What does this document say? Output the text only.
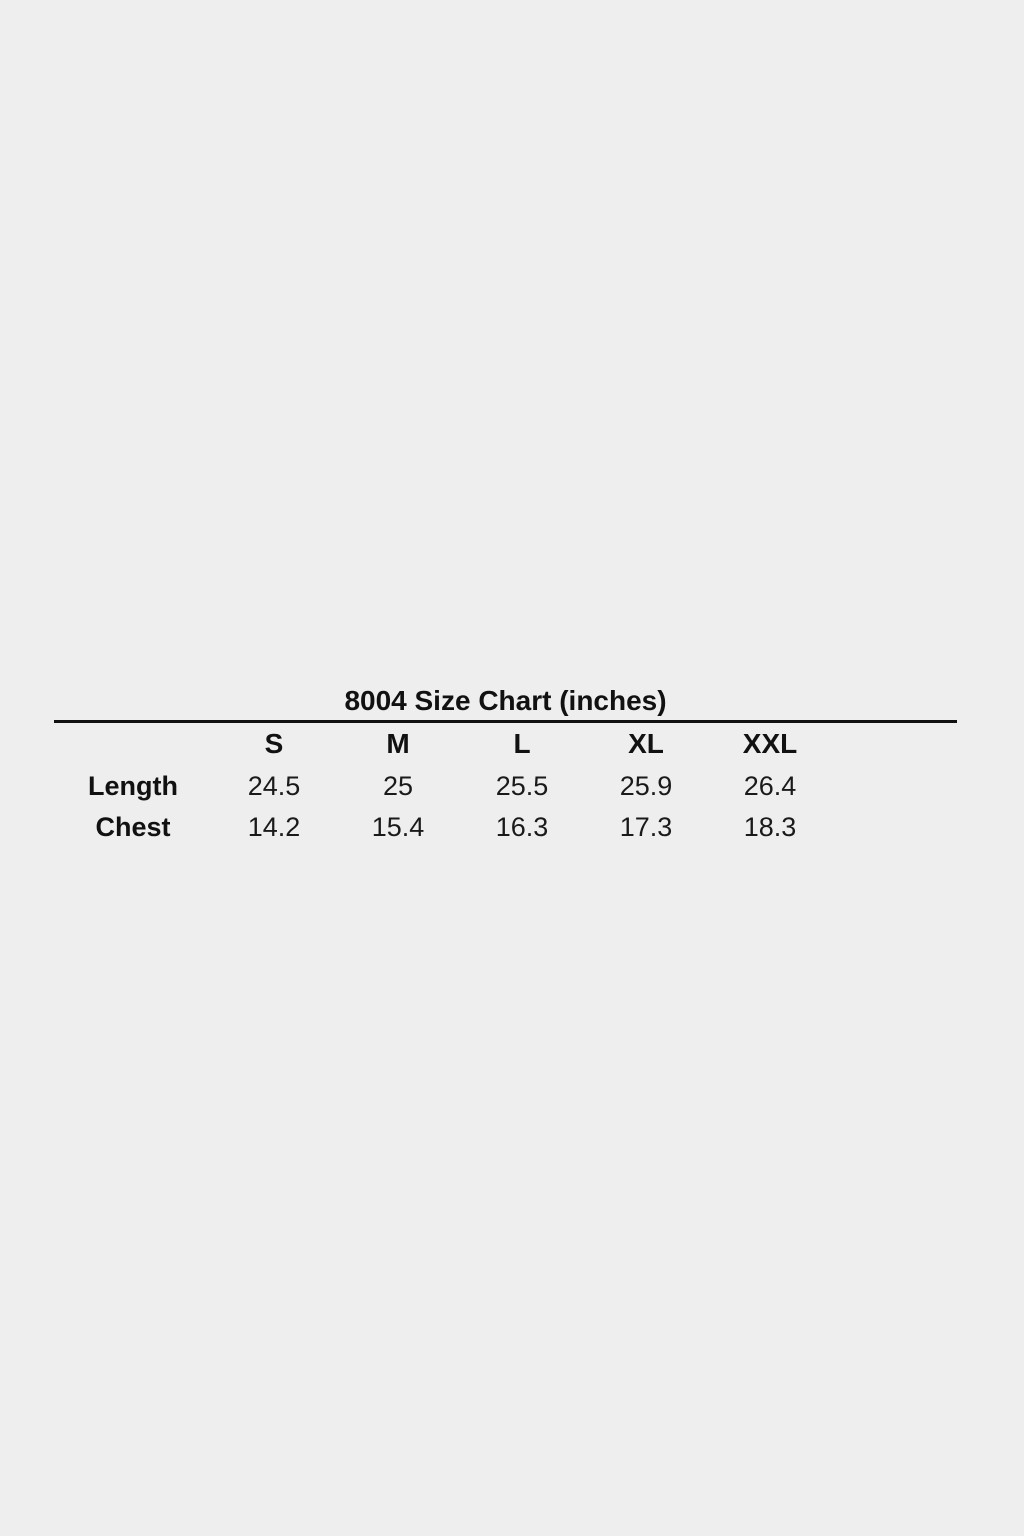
8004 Size Chart (inches)
	S	M	L	XL	XXL
Length	24.5	25	25.5	25.9	26.4
Chest	14.2	15.4	16.3	17.3	18.3
